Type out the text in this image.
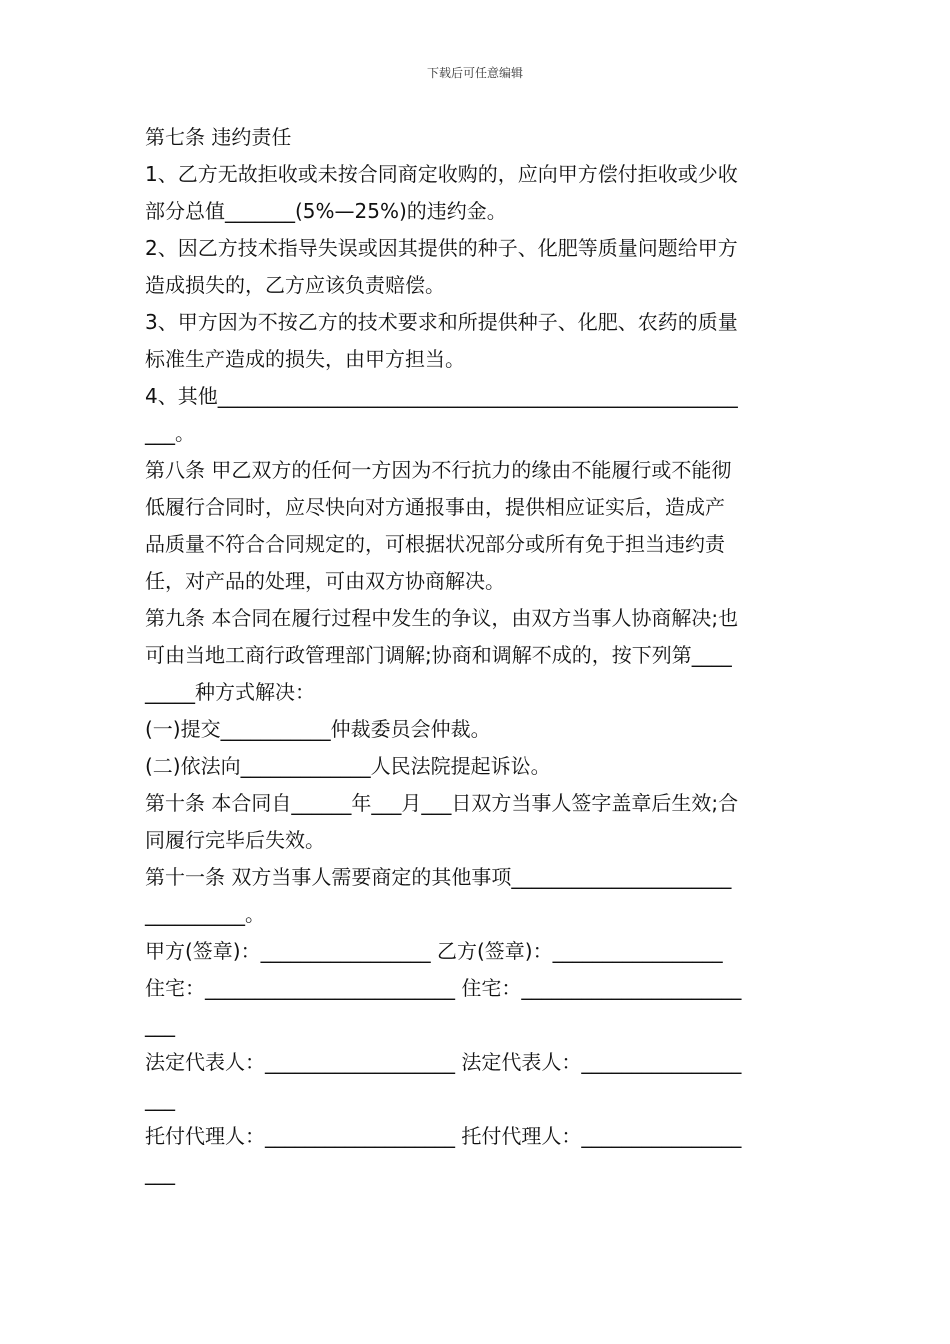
下载后可任意编辑
第七条 违约责任
1、乙方无故拒收或未按合同商定收购的，应向甲方偿付拒收或少收
部分总值_______(5%—25%)的违约金。
2、因乙方技术指导失误或因其提供的种子、化肥等质量问题给甲方
造成损失的，乙方应该负责赔偿。
3、甲方因为不按乙方的技术要求和所提供种子、化肥、农药的质量
标准生产造成的损失，由甲方担当。
4、其他____________________________________________________
___。
第八条 甲乙双方的任何一方因为不行抗力的缘由不能履行或不能彻
低履行合同时，应尽快向对方通报事由，提供相应证实后，造成产
品质量不符合合同规定的，可根据状况部分或所有免于担当违约责
任，对产品的处理，可由双方协商解决。
第九条 本合同在履行过程中发生的争议，由双方当事人协商解决;也
可由当地工商行政管理部门调解;协商和调解不成的，按下列第____
_____种方式解决：
(一)提交___________仲裁委员会仲裁。
(二)依法向_____________人民法院提起诉讼。
第十条 本合同自______年___月___日双方当事人签字盖章后生效;合
同履行完毕后失效。
第十一条 双方当事人需要商定的其他事项______________________
__________。
甲方(签章)：_________________ 乙方(签章)：_________________
住宅：_________________________ 住宅：______________________
___
法定代表人：___________________ 法定代表人：________________
___
托付代理人：___________________ 托付代理人：________________
___
